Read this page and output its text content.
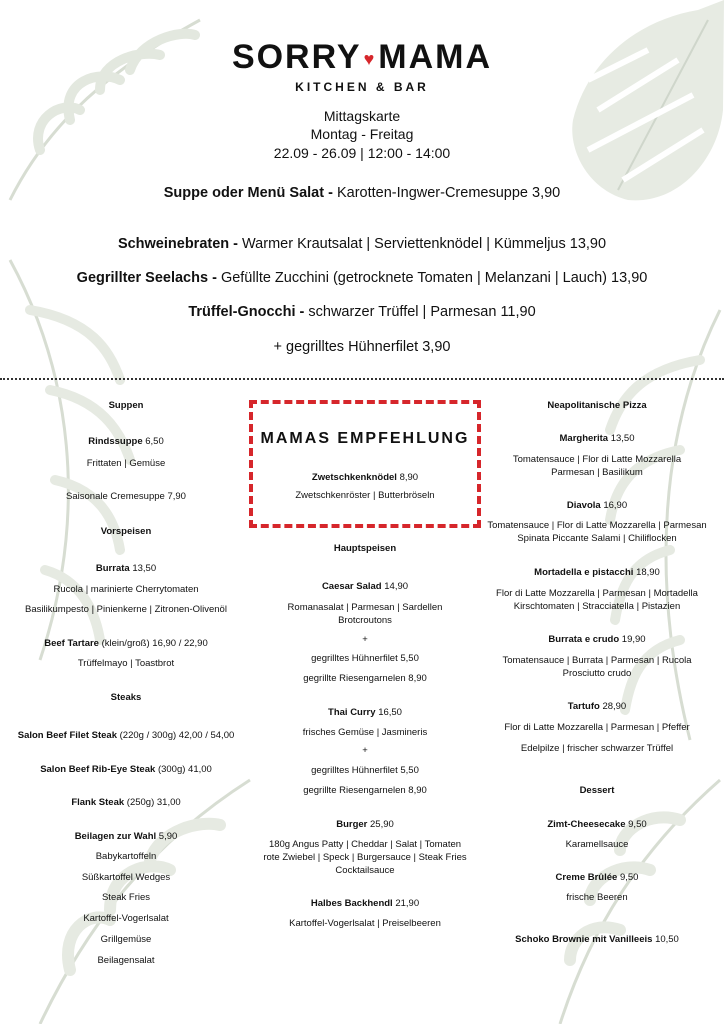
SORRY ♥MAMA
KITCHEN & BAR
Mittagskarte
Montag - Freitag
22.09 - 26.09 | 12:00 - 14:00
Suppe oder Menü Salat - Karotten-Ingwer-Cremesuppe 3,90
Schweinebraten - Warmer Krautsalat | Serviettenknödel | Kümmeljus 13,90
Gegrillter Seelachs - Gefüllte Zucchini (getrocknete Tomaten | Melanzani | Lauch) 13,90
Trüffel-Gnocchi - schwarzer Trüffel | Parmesan 11,90
+ gegrilltes Hühnerfilet 3,90
Suppen
Rindssuppe 6,50
Frittaten | Gemüse
Saisonale Cremesuppe 7,90
Vorspeisen
Burrata 13,50
Rucola | marinierte Cherrytomaten
Basilikumpesto | Pinienkerne | Zitronen-Olivenöl
Beef Tartare (klein/groß) 16,90 / 22,90
Trüffelmayo | Toastbrot
Steaks
Salon Beef Filet Steak (220g / 300g) 42,00 / 54,00
Salon Beef Rib-Eye Steak (300g) 41,00
Flank Steak (250g) 31,00
Beilagen zur Wahl 5,90
Babykartoffeln
Süßkartoffel Wedges
Steak Fries
Kartoffel-Vogerlsalat
Grillgemüse
Beilagensalat
MAMAS EMPFEHLUNG
Zwetschkenknödel 8,90
Zwetschkenröster | Butterbröseln
Hauptspeisen
Caesar Salad 14,90
Romanasalat | Parmesan | Sardellen
Brotcroutons
+
gegrilltes Hühnerfilet 5,50
gegrillte Riesengarnelen 8,90
Thai Curry 16,50
frisches Gemüse | Jasmineris
+
gegrilltes Hühnerfilet 5,50
gegrillte Riesengarnelen 8,90
Burger 25,90
180g Angus Patty | Cheddar | Salat | Tomaten
rote Zwiebel | Speck | Burgersauce | Steak Fries
Cocktailsauce
Halbes Backhendl 21,90
Kartoffel-Vogerlsalat | Preiselbeeren
Neapolitanische Pizza
Margherita 13,50
Tomatensauce | Flor di Latte Mozzarella
Parmesan | Basilikum
Diavola 16,90
Tomatensauce | Flor di Latte Mozzarella | Parmesan
Spinata Piccante Salami | Chiliflocken
Mortadella e pistacchi 18,90
Flor di Latte Mozzarella | Parmesan | Mortadella
Kirschtomaten | Stracciatella | Pistazien
Burrata e crudo 19,90
Tomatensauce | Burrata | Parmesan | Rucola
Prosciutto crudo
Tartufo 28,90
Flor di Latte Mozzarella | Parmesan | Pfeffer
Edelpilze | frischer schwarzer Trüffel
Dessert
Zimt-Cheesecake 9,50
Karamellsauce
Creme Brûlée 9,50
frische Beeren
Schoko Brownie mit Vanilleeis 10,50
